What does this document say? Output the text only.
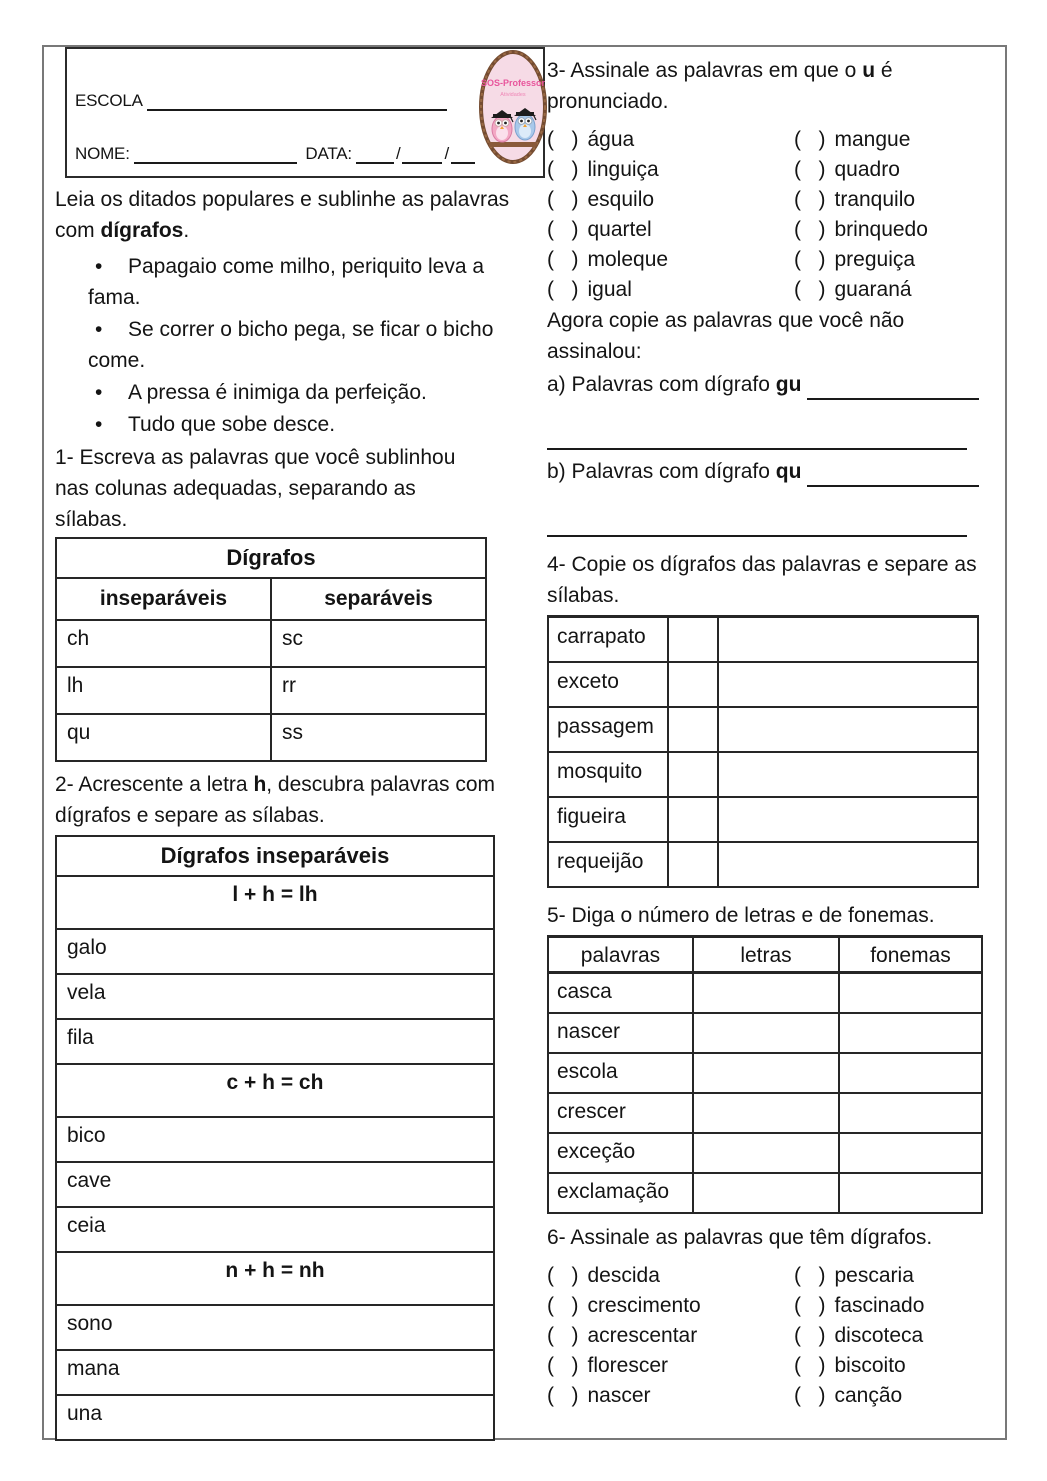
ESCOLA
NOME:	DATA:	/	/
SOS-Professor
Atividades

Leia os ditados populares e sublinhe as palavras com dígrafos.

• Papagaio come milho, periquito leva a fama.
• Se correr o bicho pega, se ficar o bicho come.
• A pressa é inimiga da perfeição.
• Tudo que sobe desce.

1- Escreva as palavras que você sublinhou nas colunas adequadas, separando as sílabas.

Dígrafos	
inseparáveis	separáveis
ch	sc
lh	rr
qu	ss

2- Acrescente a letra h, descubra palavras com dígrafos e separe as sílabas.

Dígrafos inseparáveis
l + h = lh
galo
vela
fila
c + h = ch
bico
cave
ceia
n + h = nh
sono
mana
una

3- Assinale as palavras em que o u é pronunciado.

(   ) água	(   ) mangue
(   ) linguiça	(   ) quadro
(   ) esquilo	(   ) tranquilo
(   ) quartel	(   ) brinquedo
(   ) moleque	(   ) preguiça
(   ) igual	(   ) guaraná

Agora copie as palavras que você não assinalou:

a) Palavras com dígrafo gu
b) Palavras com dígrafo qu

4- Copie os dígrafos das palavras e separe as sílabas.

carrapato		
exceto		
passagem		
mosquito		
figueira		
requeijão		

5- Diga o número de letras e de fonemas.

palavras	letras	fonemas
casca		
nascer		
escola		
crescer		
exceção		
exclamação		

6- Assinale as palavras que têm dígrafos.

(   ) descida	(   ) pescaria
(   ) crescimento	(   ) fascinado
(   ) acrescentar	(   ) discoteca
(   ) florescer	(   ) biscoito
(   ) nascer	(   ) canção
